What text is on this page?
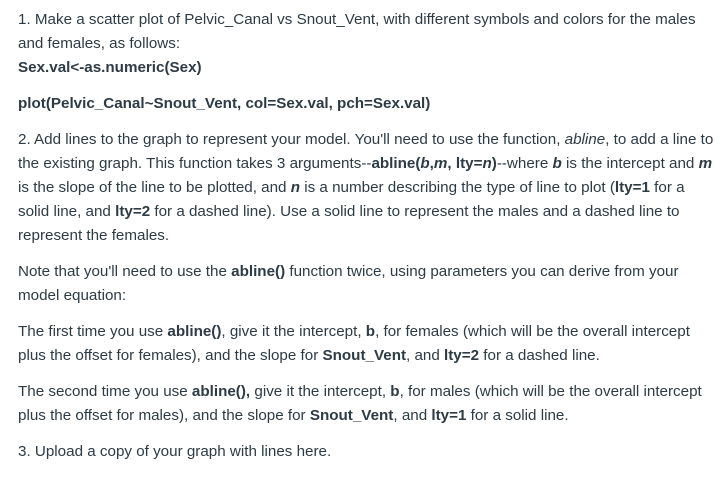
1. Make a scatter plot of Pelvic_Canal vs Snout_Vent, with different symbols and colors for the males and females, as follows:
Sex.val<-as.numeric(Sex)

plot(Pelvic_Canal~Snout_Vent, col=Sex.val, pch=Sex.val)

2. Add lines to the graph to represent your model. You'll need to use the function, abline, to add a line to the existing graph. This function takes 3 arguments--abline(b,m, lty=n)--where b is the intercept and m is the slope of the line to be plotted, and n is a number describing the type of line to plot (lty=1 for a solid line, and lty=2 for a dashed line). Use a solid line to represent the males and a dashed line to represent the females.

Note that you'll need to use the abline() function twice, using parameters you can derive from your model equation:

The first time you use abline(), give it the intercept, b, for females (which will be the overall intercept plus the offset for females), and the slope for Snout_Vent, and lty=2 for a dashed line.

The second time you use abline(), give it the intercept, b, for males (which will be the overall intercept plus the offset for males), and the slope for Snout_Vent, and lty=1 for a solid line.

3. Upload a copy of your graph with lines here.
